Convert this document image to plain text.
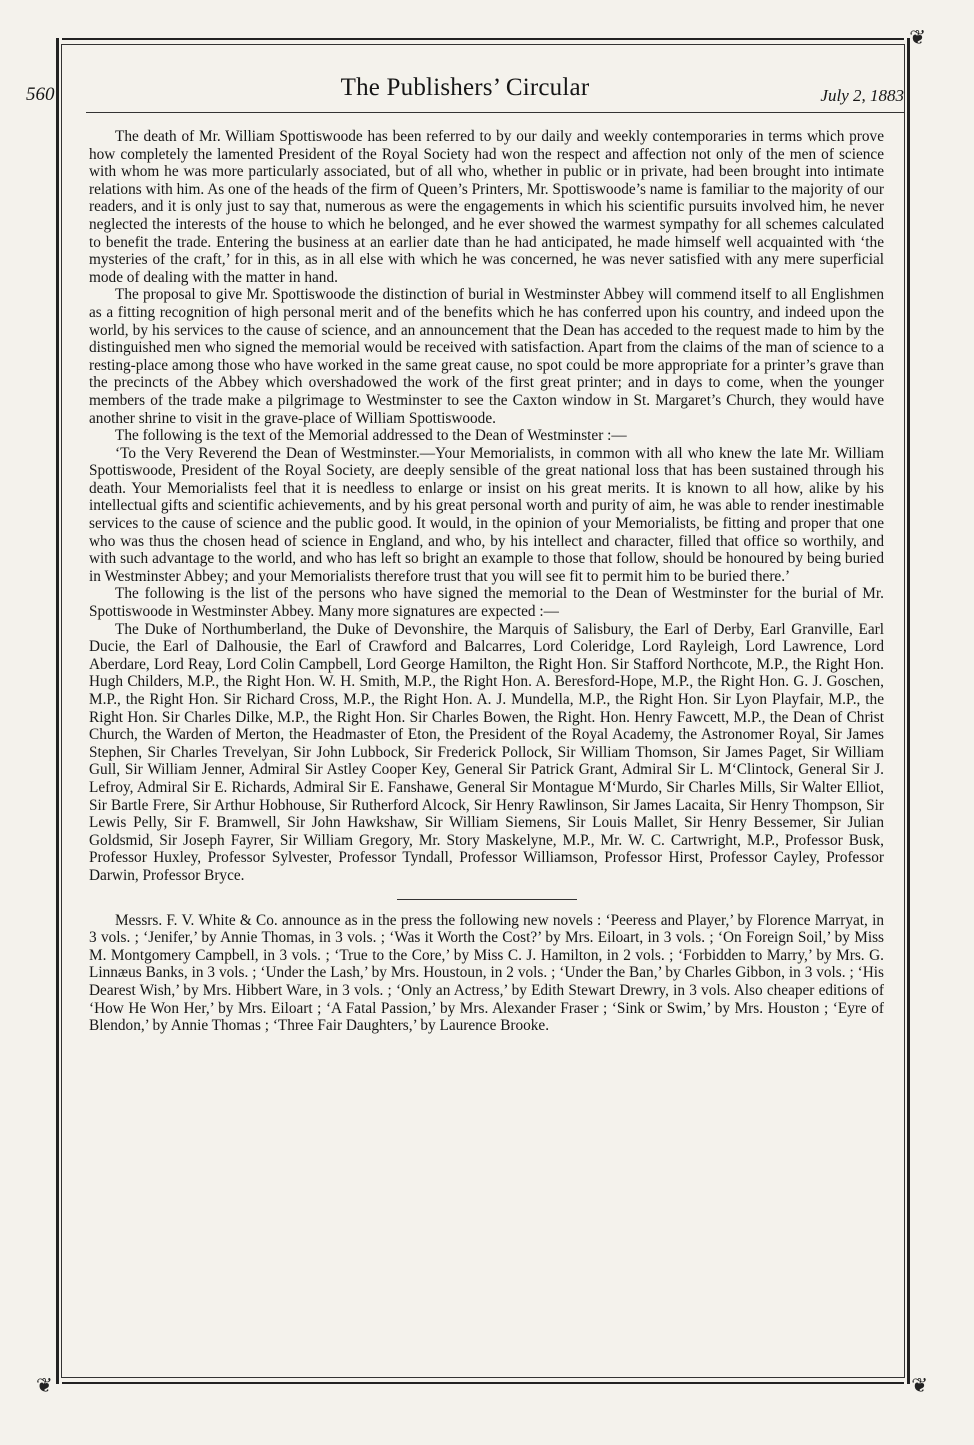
❦
❦	❦
560	The Publishers’ Circular	July 2, 1883

The death of Mr. William Spottiswoode has been referred to by our daily and weekly contemporaries in terms which prove how completely the lamented President of the Royal Society had won the respect and affection not only of the men of science with whom he was more particularly associated, but of all who, whether in public or in private, had been brought into intimate relations with him. As one of the heads of the firm of Queen’s Printers, Mr. Spottiswoode’s name is familiar to the majority of our readers, and it is only just to say that, numerous as were the engagements in which his scientific pursuits involved him, he never neglected the interests of the house to which he belonged, and he ever showed the warmest sympathy for all schemes calculated to benefit the trade. Entering the business at an earlier date than he had anticipated, he made himself well acquainted with ‘the mysteries of the craft,’ for in this, as in all else with which he was concerned, he was never satisfied with any mere superficial mode of dealing with the matter in hand.

The proposal to give Mr. Spottiswoode the distinction of burial in Westminster Abbey will commend itself to all Englishmen as a fitting recognition of high personal merit and of the benefits which he has conferred upon his country, and indeed upon the world, by his services to the cause of science, and an announcement that the Dean has acceded to the request made to him by the distinguished men who signed the memorial would be received with satisfaction. Apart from the claims of the man of science to a resting-place among those who have worked in the same great cause, no spot could be more appropriate for a printer’s grave than the precincts of the Abbey which overshadowed the work of the first great printer; and in days to come, when the younger members of the trade make a pilgrimage to Westminster to see the Caxton window in St. Margaret’s Church, they would have another shrine to visit in the grave-place of William Spottiswoode.

The following is the text of the Memorial addressed to the Dean of Westminster :—

‘To the Very Reverend the Dean of Westminster.—Your Memorialists, in common with all who knew the late Mr. William Spottiswoode, President of the Royal Society, are deeply sensible of the great national loss that has been sustained through his death. Your Memorialists feel that it is needless to enlarge or insist on his great merits. It is known to all how, alike by his intellectual gifts and scientific achievements, and by his great personal worth and purity of aim, he was able to render inestimable services to the cause of science and the public good. It would, in the opinion of your Memorialists, be fitting and proper that one who was thus the chosen head of science in England, and who, by his intellect and character, filled that office so worthily, and with such advantage to the world, and who has left so bright an example to those that follow, should be honoured by being buried in Westminster Abbey; and your Memorialists therefore trust that you will see fit to permit him to be buried there.’

The following is the list of the persons who have signed the memorial to the Dean of Westminster for the burial of Mr. Spottiswoode in Westminster Abbey. Many more signatures are expected :—

The Duke of Northumberland, the Duke of Devonshire, the Marquis of Salisbury, the Earl of Derby, Earl Granville, Earl Ducie, the Earl of Dalhousie, the Earl of Crawford and Balcarres, Lord Coleridge, Lord Rayleigh, Lord Lawrence, Lord Aberdare, Lord Reay, Lord Colin Campbell, Lord George Hamilton, the Right Hon. Sir Stafford Northcote, M.P., the Right Hon. Hugh Childers, M.P., the Right Hon. W. H. Smith, M.P., the Right Hon. A. Beresford-Hope, M.P., the Right Hon. G. J. Goschen, M.P., the Right Hon. Sir Richard Cross, M.P., the Right Hon. A. J. Mundella, M.P., the Right Hon. Sir Lyon Playfair, M.P., the Right Hon. Sir Charles Dilke, M.P., the Right Hon. Sir Charles Bowen, the Right. Hon. Henry Fawcett, M.P., the Dean of Christ Church, the Warden of Merton, the Headmaster of Eton, the President of the Royal Academy, the Astronomer Royal, Sir James Stephen, Sir Charles Trevelyan, Sir John Lubbock, Sir Frederick Pollock, Sir William Thomson, Sir James Paget, Sir William Gull, Sir William Jenner, Admiral Sir Astley Cooper Key, General Sir Patrick Grant, Admiral Sir L. M‘Clintock, General Sir J. Lefroy, Admiral Sir E. Richards, Admiral Sir E. Fanshawe, General Sir Montague M‘Murdo, Sir Charles Mills, Sir Walter Elliot, Sir Bartle Frere, Sir Arthur Hobhouse, Sir Rutherford Alcock, Sir Henry Rawlinson, Sir James Lacaita, Sir Henry Thompson, Sir Lewis Pelly, Sir F. Bramwell, Sir John Hawkshaw, Sir William Siemens, Sir Louis Mallet, Sir Henry Bessemer, Sir Julian Goldsmid, Sir Joseph Fayrer, Sir William Gregory, Mr. Story Maskelyne, M.P., Mr. W. C. Cartwright, M.P., Professor Busk, Professor Huxley, Professor Sylvester, Professor Tyndall, Professor Williamson, Professor Hirst, Professor Cayley, Professor Darwin, Professor Bryce.

Messrs. F. V. White & Co. announce as in the press the following new novels : ‘Peeress and Player,’ by Florence Marryat, in 3 vols. ; ‘Jenifer,’ by Annie Thomas, in 3 vols. ; ‘Was it Worth the Cost?’ by Mrs. Eiloart, in 3 vols. ; ‘On Foreign Soil,’ by Miss M. Montgomery Campbell, in 3 vols. ; ‘True to the Core,’ by Miss C. J. Hamilton, in 2 vols. ; ‘Forbidden to Marry,’ by Mrs. G. Linnæus Banks, in 3 vols. ; ‘Under the Lash,’ by Mrs. Houstoun, in 2 vols. ; ‘Under the Ban,’ by Charles Gibbon, in 3 vols. ; ‘His Dearest Wish,’ by Mrs. Hibbert Ware, in 3 vols. ; ‘Only an Actress,’ by Edith Stewart Drewry, in 3 vols. Also cheaper editions of ‘How He Won Her,’ by Mrs. Eiloart ; ‘A Fatal Passion,’ by Mrs. Alexander Fraser ; ‘Sink or Swim,’ by Mrs. Houston ; ‘Eyre of Blendon,’ by Annie Thomas ; ‘Three Fair Daughters,’ by Laurence Brooke.
